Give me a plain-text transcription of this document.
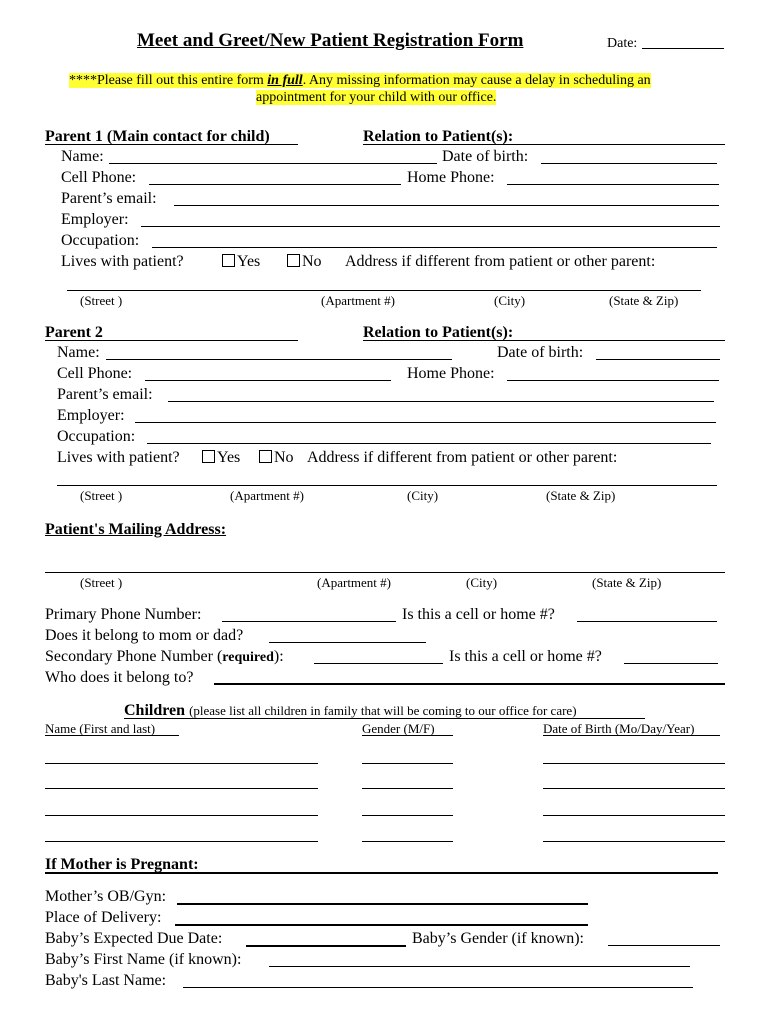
Meet and Greet/New Patient Registration Form	Date:
****Please fill out this entire form in full. Any missing information may cause a delay in scheduling an
appointment for your child with our office.
Parent 1 (Main contact for child)	Relation to Patient(s):
Name:	Date of birth:
Cell Phone:	Home Phone:
Parent’s email:
Employer:
Occupation:
Lives with patient?	Yes	No Address if different from patient or other parent:
(Street )	(Apartment #)	(City)	(State & Zip)
Parent 2	Relation to Patient(s):
Name:	Date of birth:
Cell Phone:	Home Phone:
Parent’s email:
Employer:
Occupation:
Lives with patient?	Yes	No Address if different from patient or other parent:
(Street )	(Apartment #)	(City)	(State & Zip)
Patient's Mailing Address:
(Street )	(Apartment #)	(City)	(State & Zip)
Primary Phone Number:	Is this a cell or home #?
Does it belong to mom or dad?
Secondary Phone Number (required):	Is this a cell or home #?
Who does it belong to?
Children (please list all children in family that will be coming to our office for care)
Name (First and last)	Gender (M/F)	Date of Birth (Mo/Day/Year)
If Mother is Pregnant:
Mother’s OB/Gyn:
Place of Delivery:
Baby’s Expected Due Date:	Baby’s Gender (if known):
Baby’s First Name (if known):
Baby's Last Name:
